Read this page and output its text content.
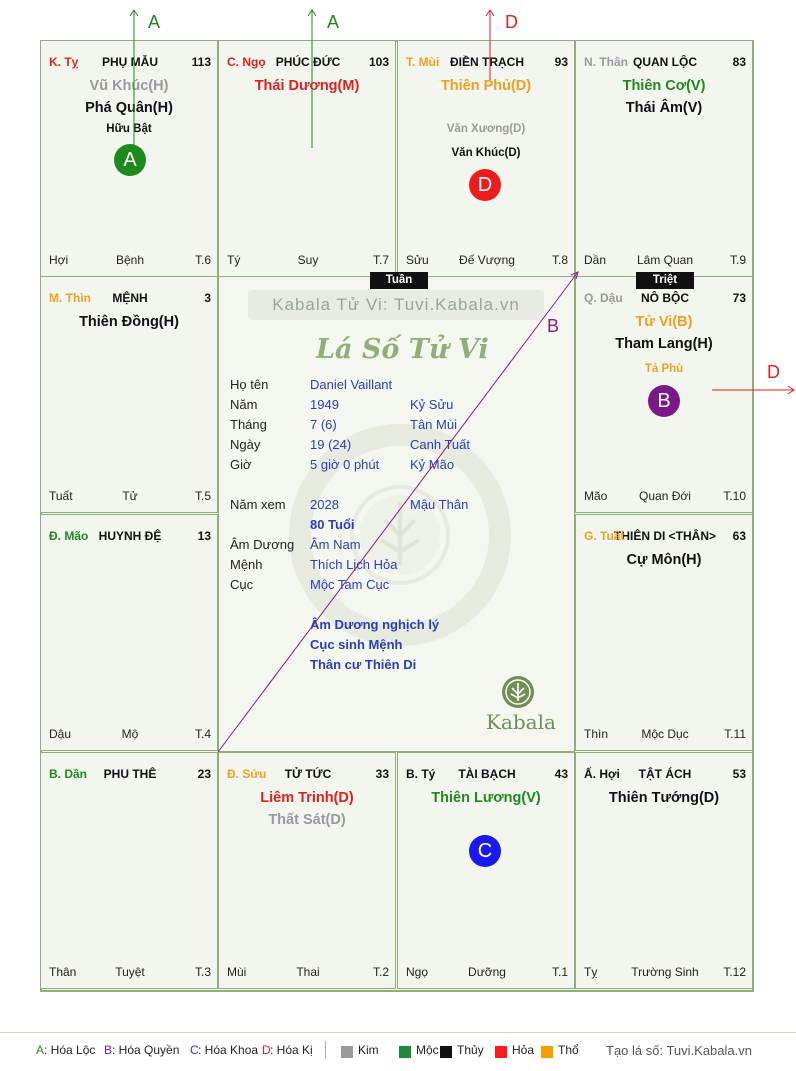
PHỤ MẪU
K. Tỵ	113
Vũ Khúc(H)
Phá Quân(H)
Hữu Bật
Hợi	Bệnh	T.6
PHÚC ĐỨC
C. Ngọ	103
Thái Dương(M)
Tý	Suy	T.7
ĐIỀN TRẠCH
T. Mùi	93
Thiên Phủ(D)
Văn Xương(D)
Văn Khúc(D)
Sửu	Đế Vượng	T.8
QUAN LỘC
N. Thân	83
Thiên Cơ(V)
Thái Âm(V)
Dần	Lâm Quan	T.9
MỆNH
M. Thìn	3
Thiên Đồng(H)
Tuất	Tử	T.5
NÔ BỘC
Q. Dậu	73
Tử Vi(B)
Tham Lang(H)
Tả Phù
Mão	Quan Đới	T.10
HUYNH ĐỆ
Đ. Mão	13
Dậu	Mộ	T.4
THIÊN DI <THÂN>
G. Tuất	63
Cự Môn(H)
Thìn	Mộc Dục	T.11
PHU THÊ
B. Dần	23
Thân	Tuyệt	T.3
TỬ TỨC
Đ. Sửu	33
Liêm Trinh(D)
Thất Sát(D)
Mùi	Thai	T.2
TÀI BẠCH
B. Tý	43
Thiên Lương(V)
Ngọ	Dưỡng	T.1
TẬT ÁCH
Ấ. Hợi	53
Thiên Tướng(D)
Tỵ	Trường Sinh	T.12
Kabala Tử Vi: Tuvi.Kabala.vn
Lá Số Tử Vi
Họ tên	Daniel Vaillant
Năm	1949	Kỷ Sửu
Tháng	7 (6)	Tân Mùi
Ngày	19 (24)	Canh Tuất
Giờ	5 giờ 0 phút Kỷ Mão
Năm xem 2028	Mậu Thân
80 Tuổi
Âm Dương Âm Nam
Mệnh	Thích Lịch Hỏa
Cục	Mộc Tam Cục
Âm Dương nghịch lý
Cục sinh Mệnh
Thân cư Thiên Di
Kabala
Tuần	Triệt
A
D
B
C
A	A	D
D
B
A : Hóa Lộc B : Hóa Quyền C : Hóa Khoa D : Hóa Kị	Kim	Mộc Thủy Hỏa Thổ Tạo lá số: Tuvi.Kabala.vn
